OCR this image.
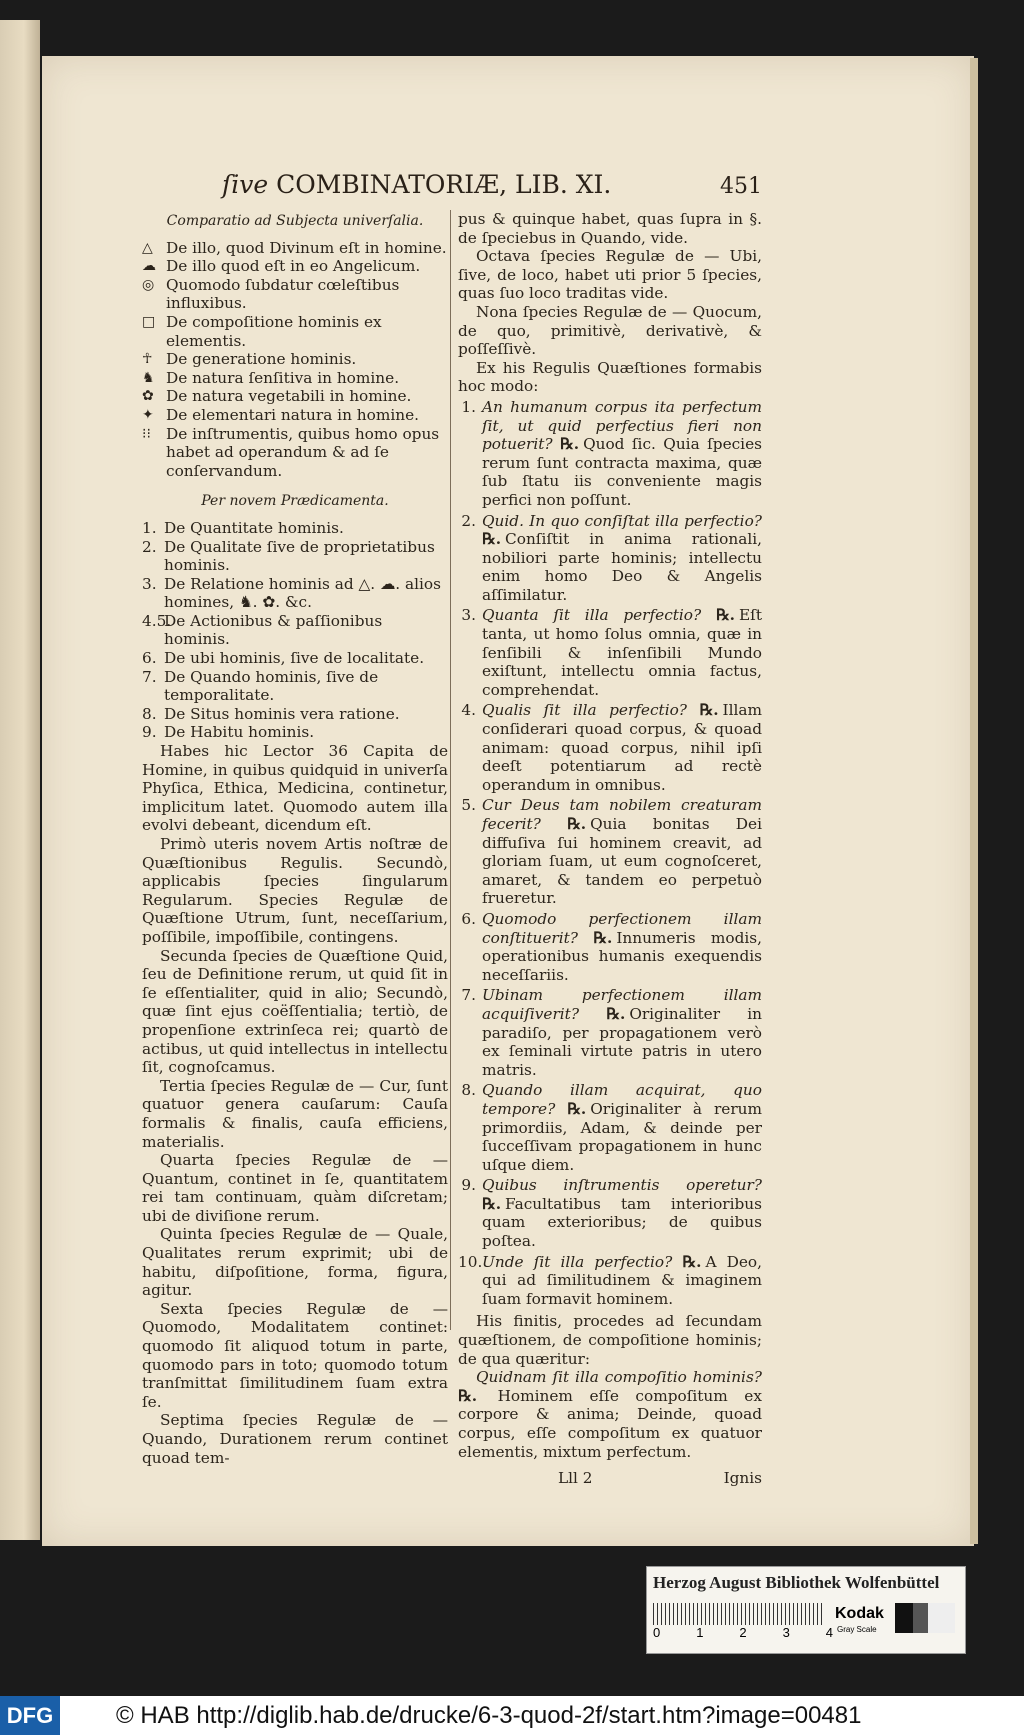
ſive COMBINATORIÆ, LIB. XI.	451
Comparatio ad Subjecta univerſalia.
△ De illo, quod Divinum eſt in homine.
☁ De illo quod eſt in eo Angelicum.
◎ Quomodo ſubdatur cœleſtibus influxibus.
□ De compoſitione hominis ex elementis.
☥ De generatione hominis.
♞ De natura ſenſitiva in homine.
✿ De natura vegetabili in homine.
✦ De elementari natura in homine.
⁝⁝ De inſtrumentis, quibus homo opus habet ad operandum & ad ſe conſervandum.
Per novem Prædicamenta.
1. De Quantitate hominis.
2. De Qualitate ſive de proprietatibus hominis.
3. De Relatione hominis ad △. ☁. alios homines, ♞. ✿. &c.
4.5.
De Actionibus & paſſionibus hominis.
6. De ubi hominis, ſive de localitate.
7. De Quando hominis, ſive de temporalitate.
8. De Situs hominis vera ratione.
9. De Habitu hominis.

Habes hic Lector 36 Capita de Homine, in quibus quidquid in univerſa Phyſica, Ethica, Medicina, continetur, implicitum latet. Quomodo autem illa evolvi debeant, dicendum eſt.

Primò uteris novem Artis noſtræ de Quæſtionibus Regulis. Secundò, applicabis ſpecies ſingularum Regularum. Species Regulæ de Quæſtione Utrum, ſunt, neceſſarium, poſſibile, impoſſibile, contingens.

Secunda ſpecies de Quæſtione Quid, ſeu de Definitione rerum, ut quid ſit in ſe eſſentialiter, quid in alio; Secundò, quæ ſint ejus coëſſentialia; tertiò, de propenſione extrinſeca rei; quartò de actibus, ut quid intellectus in intellectu ſit, cognoſcamus.

Tertia ſpecies Regulæ de — Cur, ſunt quatuor genera cauſarum: Cauſa formalis & finalis, cauſa efficiens, materialis.

Quarta ſpecies Regulæ de — Quantum, continet in ſe, quantitatem rei tam continuam, quàm diſcretam; ubi de diviſione rerum.

Quinta ſpecies Regulæ de — Quale, Qualitates rerum exprimit; ubi de habitu, diſpoſitione, forma, figura, agitur.

Sexta ſpecies Regulæ de — Quomodo, Modalitatem continet: quomodo ſit aliquod totum in parte, quomodo pars in toto; quomodo totum tranſmittat ſimilitudinem ſuam extra ſe.

Septima ſpecies Regulæ de — Quando, Durationem rerum continet quoad tem-

pus & quinque habet, quas ſupra in §. de ſpeciebus in Quando, vide.

Octava ſpecies Regulæ de — Ubi, ſive, de loco, habet uti prior 5 ſpecies, quas ſuo loco traditas vide.

Nona ſpecies Regulæ de — Quocum, de quo, primitivè, derivativè, & poſſeſſivè.

Ex his Regulis Quæſtiones formabis hoc modo:

1. An humanum corpus ita perfectum ſit, ut quid perfectius fieri non potuerit? ℞. Quod ſic. Quia ſpecies rerum ſunt contracta maxima, quæ ſub ſtatu iis conveniente magis perfici non poſſunt.
2. Quid. In quo conſiſtat illa perfectio? ℞. Conſiſtit in anima rationali, nobiliori parte hominis; intellectu enim homo Deo & Angelis aſſimilatur.
3. Quanta ſit illa perfectio? ℞. Eſt tanta, ut homo ſolus omnia, quæ in ſenſibili & inſenſibili Mundo exiſtunt, intellectu omnia factus, comprehendat.
4. Qualis ſit illa perfectio? ℞. Illam conſiderari quoad corpus, & quoad animam: quoad corpus, nihil ipſi deeſt potentiarum ad rectè operandum in omnibus.
5. Cur Deus tam nobilem creaturam fecerit? ℞. Quia bonitas Dei diffuſiva ſui hominem creavit, ad gloriam ſuam, ut eum cognoſceret, amaret, & tandem eo perpetuò frueretur.
6. Quomodo perfectionem illam conſtituerit? ℞. Innumeris modis, operationibus humanis exequendis neceſſariis.
7. Ubinam perfectionem illam acquiſiverit? ℞. Originaliter in paradiſo, per propagationem verò ex ſeminali virtute patris in utero matris.
8. Quando illam acquirat, quo tempore? ℞. Originaliter à rerum primordiis, Adam, & deinde per ſucceſſivam propagationem in hunc uſque diem.
9. Quibus inſtrumentis operetur? ℞. Facultatibus tam interioribus quam exterioribus; de quibus poſtea.
10. Unde ſit illa perfectio? ℞. A Deo, qui ad ſimilitudinem & imaginem ſuam formavit hominem.

His finitis, procedes ad ſecundam quæſtionem, de compoſitione hominis; de qua quæritur:

Quidnam ſit illa compoſitio hominis? ℞. Hominem eſſe compoſitum ex corpore & anima; Deinde, quoad corpus, eſſe compoſitum ex quatuor elementis, mixtum perfectum.

Lll 2	Ignis
Herzog August Bibliothek Wolfenbüttel
0	1	2	3	4
Kodak
Gray Scale
DFG	© HAB http://diglib.hab.de/drucke/6-3-quod-2f/start.htm?image=00481
